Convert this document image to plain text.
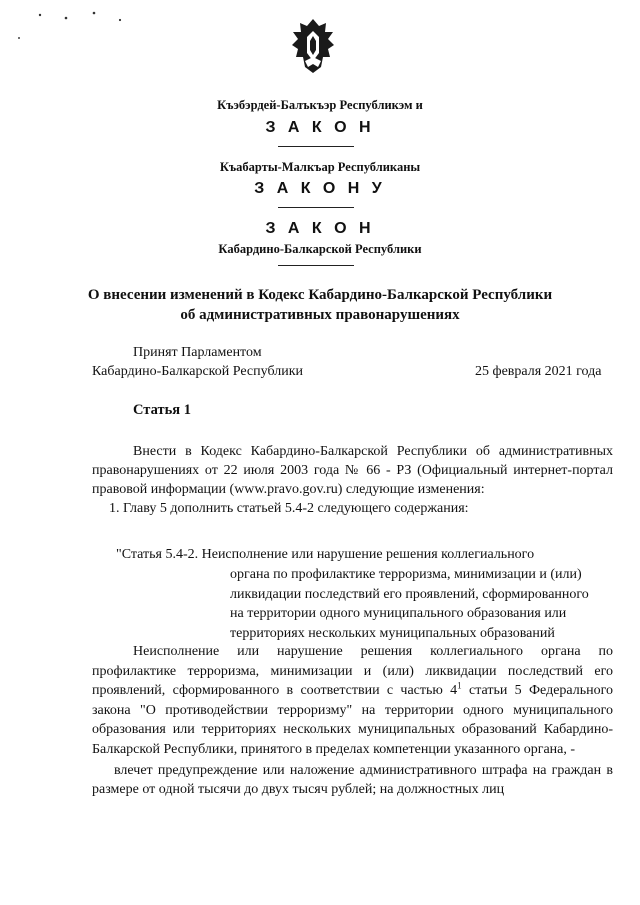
Къэбэрдей-Балъкъэр Республикэм и
З А К О Н
Къабарты-Малкъар Республиканы
З А К О Н У
З А К О Н
Кабардино-Балкарской Республики
О внесении изменений в Кодекс Кабардино-Балкарской Республики
об административных правонарушениях
Принят Парламентом
Кабардино-Балкарской Республики	25 февраля 2021 года
Статья 1

Внести в Кодекс Кабардино-Балкарской Республики об административных правонарушениях от 22 июля 2003 года № 66 - РЗ (Официальный интернет-портал правовой информации (www.pravo.gov.ru) следующие изменения:

1. Главу 5 дополнить статьей 5.4-2 следующего содержания:

"Статья 5.4-2. Неисполнение или нарушение решения коллегиального
органа по профилактике терроризма, минимизации и (или)
ликвидации последствий его проявлений, сформированного
на территории одного муниципального образования или
территориях нескольких муниципальных образований

Неисполнение или нарушение решения коллегиального органа по профилактике терроризма, минимизации и (или) ликвидации последствий его проявлений, сформированного в соответствии с частью $4^1$ статьи 5 Федерального закона "О противодействии терроризму" на территории одного муниципального образования или территориях нескольких муниципальных образований Кабардино-Балкарской Республики, принятого в пределах компетенции указанного органа, -

влечет предупреждение или наложение административного штрафа на граждан в размере от одной тысячи до двух тысяч рублей; на должностных лиц
